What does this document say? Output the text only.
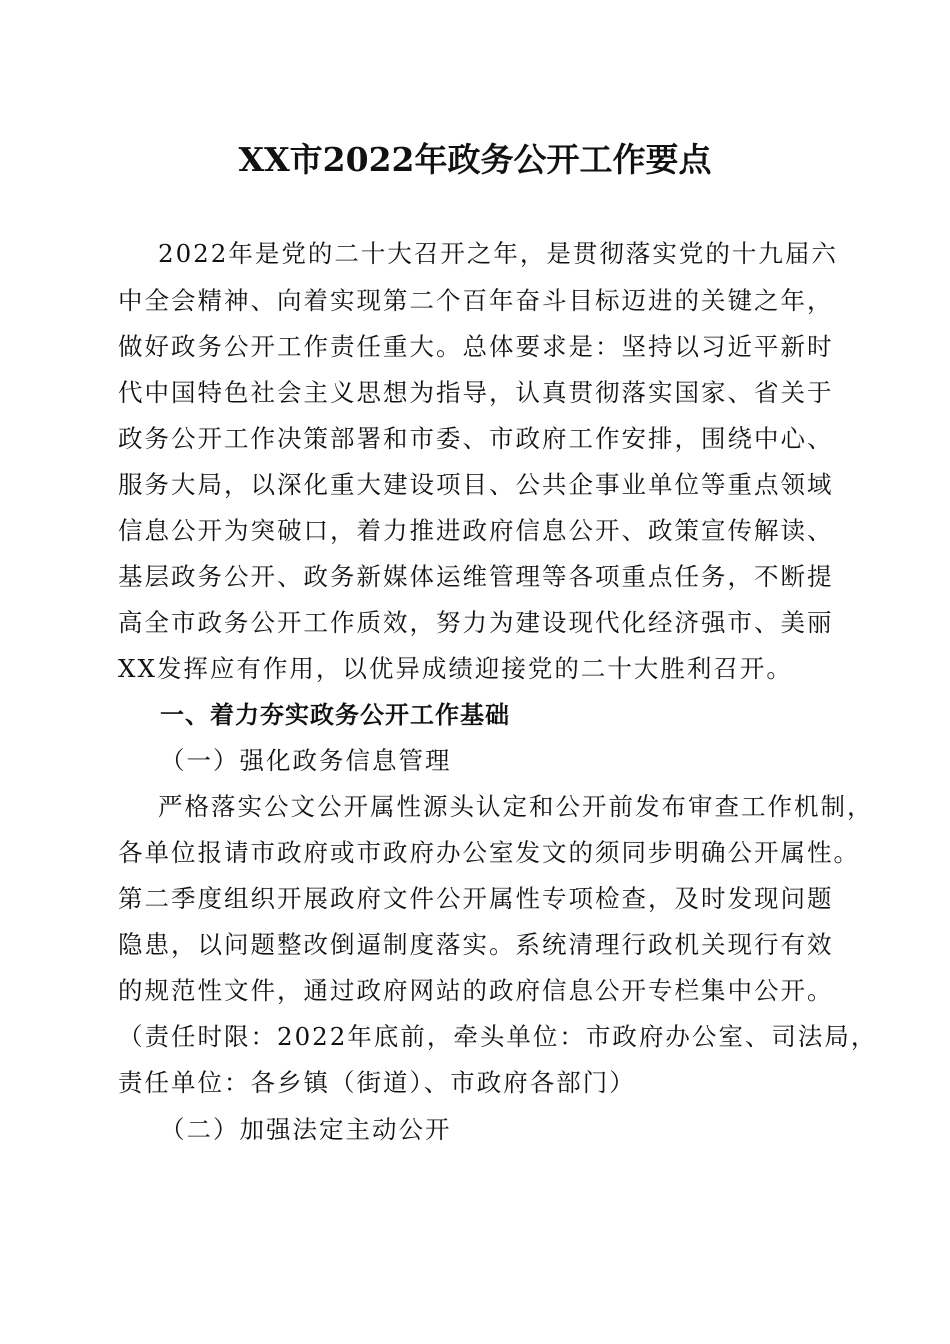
XX市2022年政务公开工作要点
2022年是党的二十大召开之年，是贯彻落实党的十九届六
中全会精神、向着实现第二个百年奋斗目标迈进的关键之年，
做好政务公开工作责任重大。总体要求是：坚持以习近平新时
代中国特色社会主义思想为指导，认真贯彻落实国家、省关于
政务公开工作决策部署和市委、市政府工作安排，围绕中心、
服务大局，以深化重大建设项目、公共企事业单位等重点领域
信息公开为突破口，着力推进政府信息公开、政策宣传解读、
基层政务公开、政务新媒体运维管理等各项重点任务，不断提
高全市政务公开工作质效，努力为建设现代化经济强市、美丽
XX发挥应有作用，以优异成绩迎接党的二十大胜利召开。
一、着力夯实政务公开工作基础
（一）强化政务信息管理
严格落实公文公开属性源头认定和公开前发布审查工作机制，
各单位报请市政府或市政府办公室发文的须同步明确公开属性。
第二季度组织开展政府文件公开属性专项检查，及时发现问题
隐患，以问题整改倒逼制度落实。系统清理行政机关现行有效
的规范性文件，通过政府网站的政府信息公开专栏集中公开。
（责任时限：2022年底前，牵头单位：市政府办公室、司法局，
责任单位：各乡镇（街道）、市政府各部门）
（二）加强法定主动公开
